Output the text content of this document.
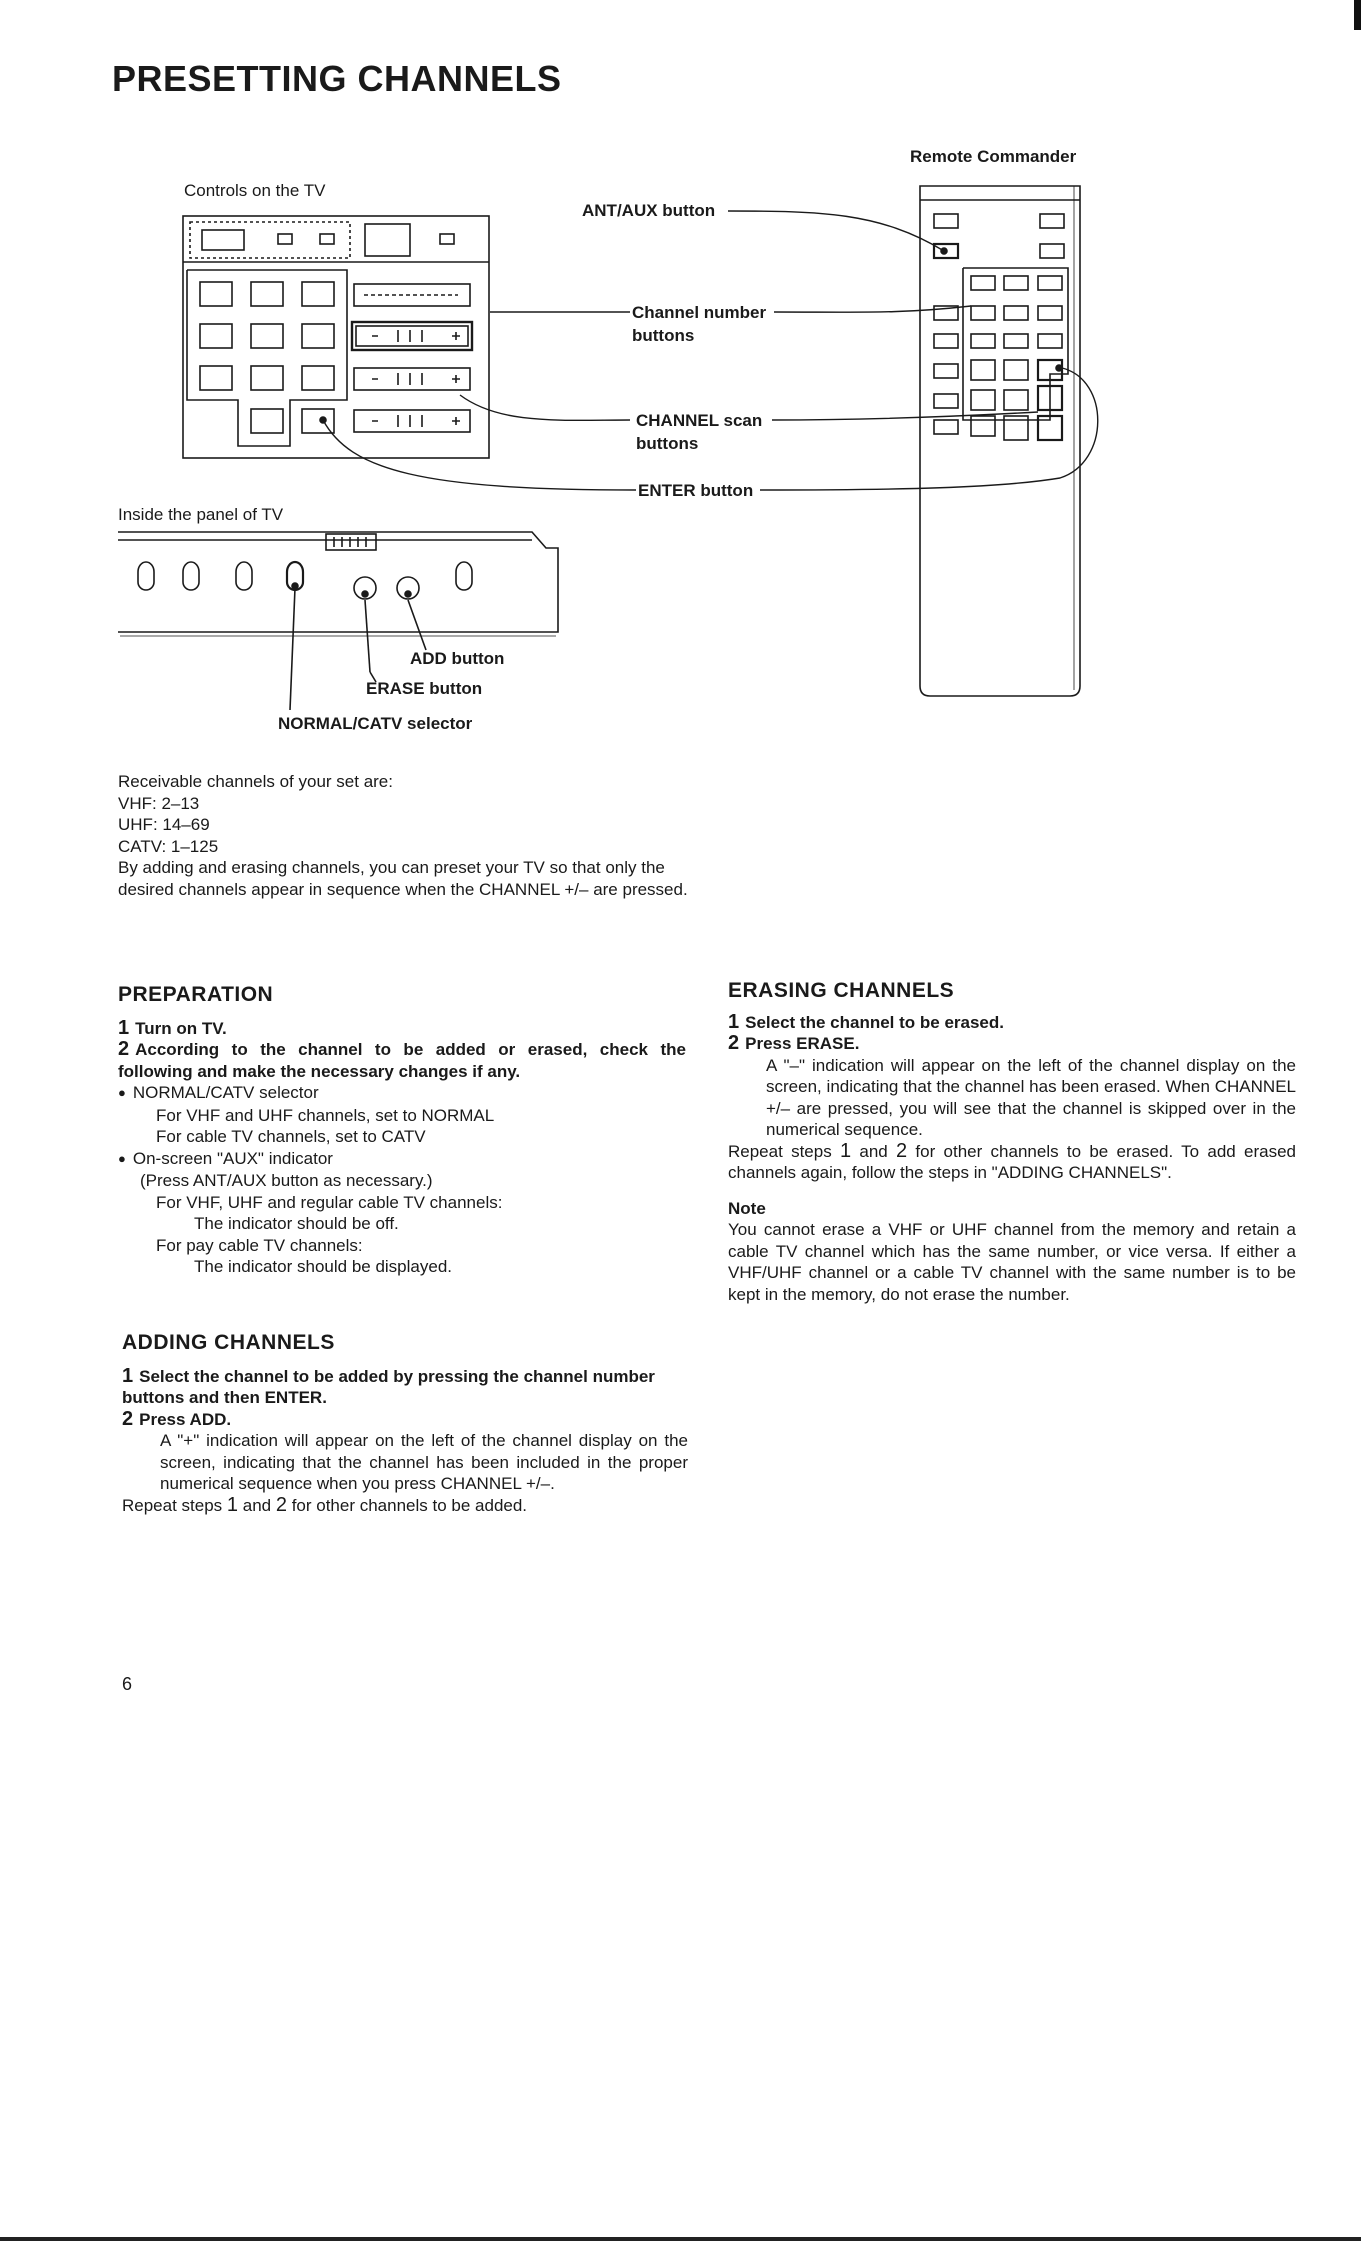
PRESETTING CHANNELS
Remote Commander
Controls on the TV
Inside the panel of TV
ANT/AUX button
Channel number
buttons
CHANNEL scan
buttons
ENTER button
ADD button
ERASE button
NORMAL/CATV selector
Receivable channels of your set are:
VHF: 2–13
UHF: 14–69
CATV: 1–125
By adding and erasing channels, you can preset your TV so that only the desired channels appear in sequence when the CHANNEL +/– are pressed.
PREPARATION
1 Turn on TV.
2 According to the channel to be added or erased, check the following and make the necessary changes if any.
● NORMAL/CATV selector
For VHF and UHF channels, set to NORMAL
For cable TV channels, set to CATV
● On-screen "AUX" indicator
(Press ANT/AUX button as necessary.)
For VHF, UHF and regular cable TV channels:
The indicator should be off.
For pay cable TV channels:
The indicator should be displayed.
ADDING CHANNELS
1 Select the channel to be added by pressing the channel number buttons and then ENTER.
2 Press ADD.
A "+" indication will appear on the left of the channel display on the screen, indicating that the channel has been included in the proper numerical sequence when you press CHANNEL +/–.
Repeat steps 1 and 2 for other channels to be added.
ERASING CHANNELS
1 Select the channel to be erased.
2 Press ERASE.
A "–" indication will appear on the left of the channel display on the screen, indicating that the channel has been erased. When CHANNEL +/– are pressed, you will see that the channel is skipped over in the numerical sequence.
Repeat steps 1 and 2 for other channels to be erased. To add erased channels again, follow the steps in "ADDING CHANNELS".
Note
You cannot erase a VHF or UHF channel from the memory and retain a cable TV channel which has the same number, or vice versa. If either a VHF/UHF channel or a cable TV channel with the same number is to be kept in the memory, do not erase the number.
6
